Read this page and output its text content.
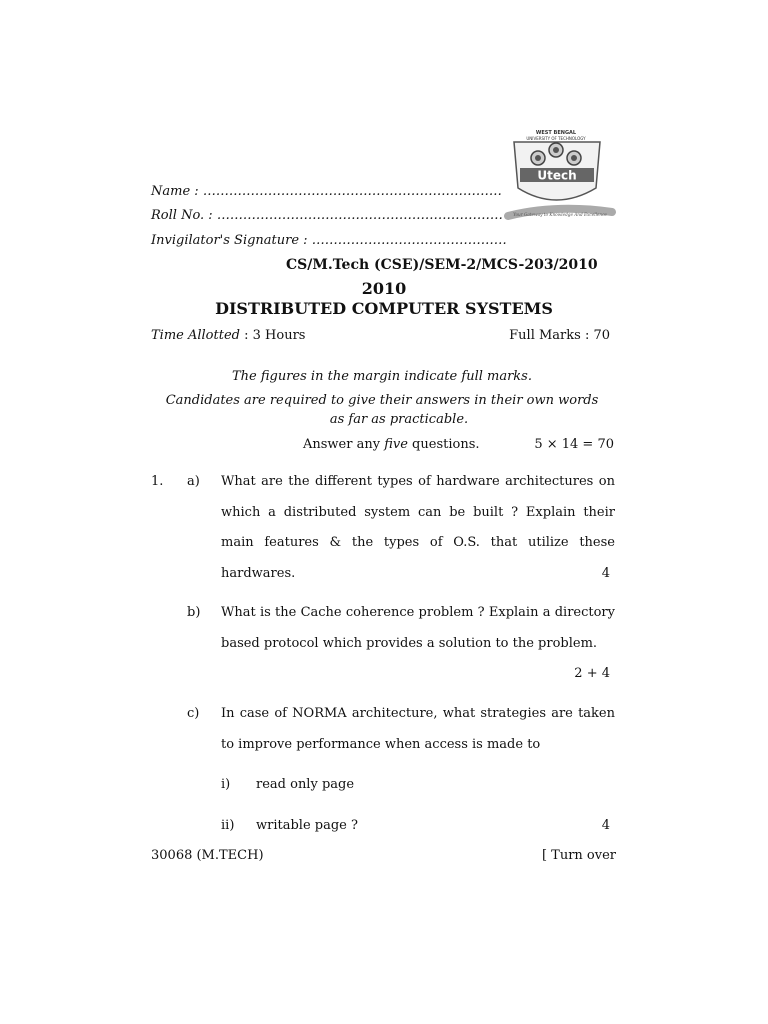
Name : ……………………………………………………………
Roll No. : …………………………………………………………
Invigilator's Signature : ………………………………………
WEST BENGAL
UNIVERSITY OF TECHNOLOGY
Utech
Your Gateway to Knowledge And Excellence
CS/M.Tech (CSE)/SEM-2/MCS-203/2010
2010
DISTRIBUTED COMPUTER SYSTEMS
Time Allotted : 3 Hours	Full Marks : 70
The figures in the margin indicate full marks.
Candidates are required to give their answers in their own words
as far as practicable.
Answer any five questions.	5 × 14 = 70
1. a) What are the different types of hardware architectures on which a distributed system can be built ? Explain their main features & the types of O.S. that utilize these hardwares.	4
b) What is the Cache coherence problem ? Explain a directory based protocol which provides a solution to the problem.
2 + 4
c) In case of NORMA architecture, what strategies are taken to improve performance when access is made to
i) read only page
ii) writable page ?	4
30068 (M.TECH)	[ Turn over
